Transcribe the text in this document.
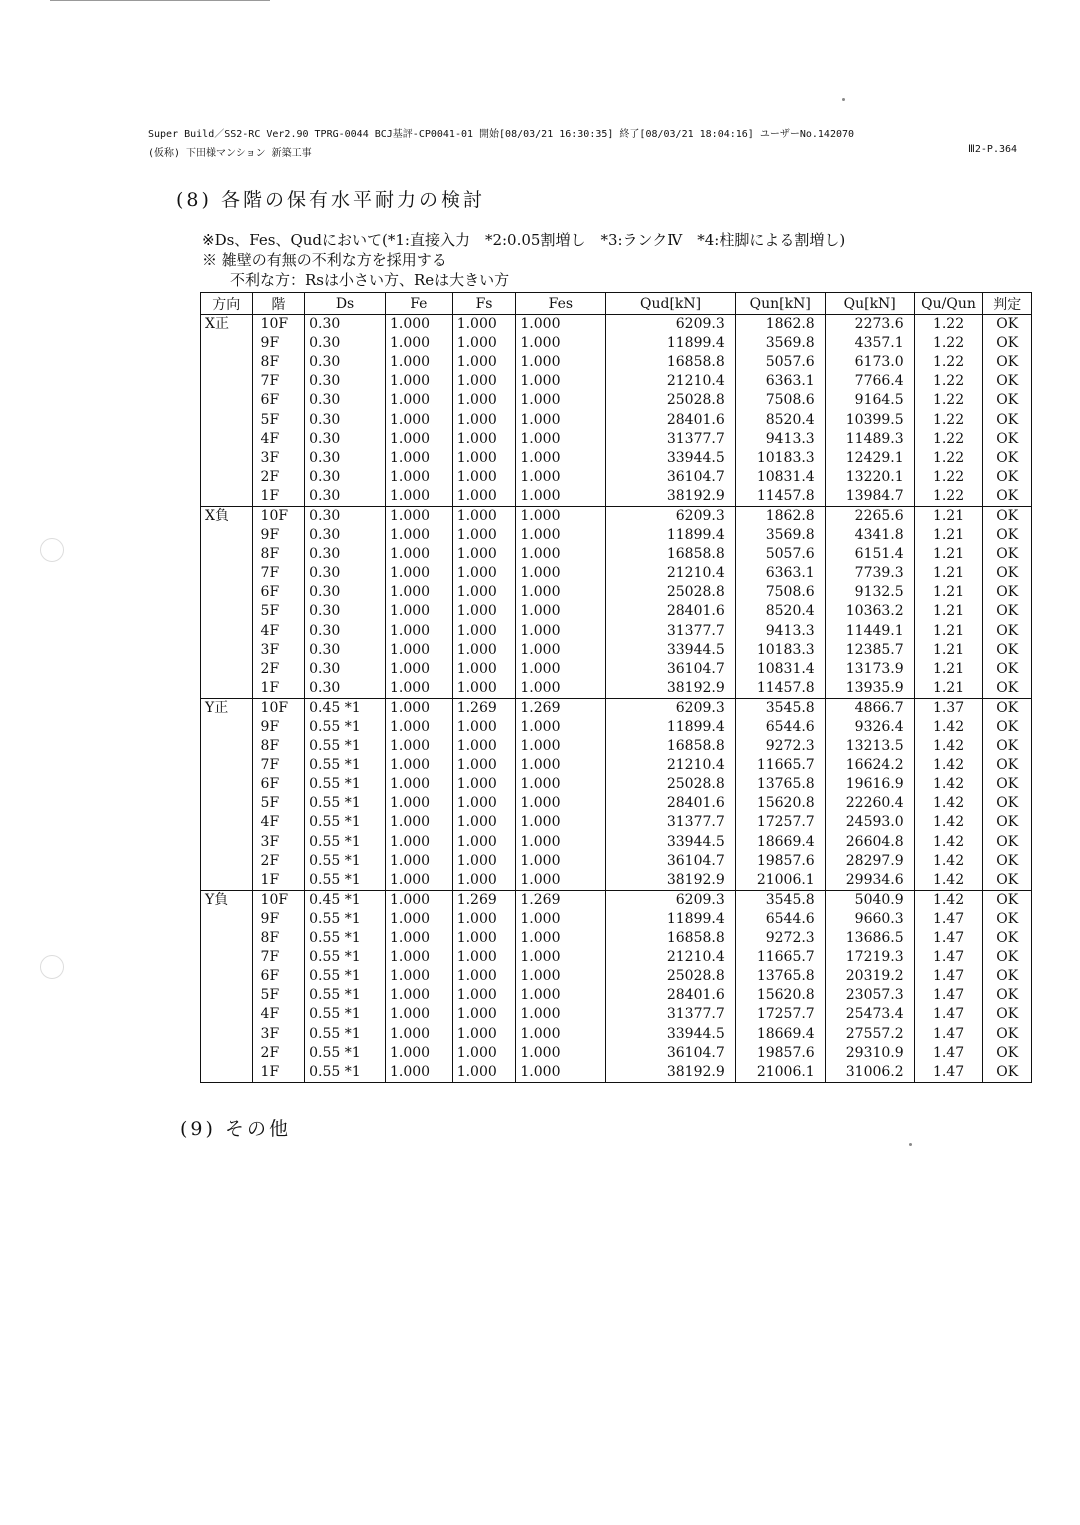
Super Build／SS2-RC Ver2.90 TPRG-0044 BCJ基評-CP0041-01 開始[08/03/21 16:30:35] 終了[08/03/21 18:04:16] ユーザーNo.142070
(仮称) 下田様マンション 新築工事	Ⅲ2-P.364
(8) 各階の保有水平耐力の検討
※Ds、Fes、Qudにおいて(*1:直接入力　*2:0.05割増し　*3:ランクⅣ　*4:柱脚による割増し)
※ 雑壁の有無の不利な方を採用する
不利な方：Rsは小さい方、Reは大きい方
方向	階	Ds	Fe	Fs	Fes	Qud[kN]	Qun[kN]	Qu[kN]	Qu/Qun	判定
X正	10F	0.30	1.000	1.000	1.000	6209.3	1862.8	2273.6	1.22	OK
	9F	0.30	1.000	1.000	1.000	11899.4	3569.8	4357.1	1.22	OK
	8F	0.30	1.000	1.000	1.000	16858.8	5057.6	6173.0	1.22	OK
	7F	0.30	1.000	1.000	1.000	21210.4	6363.1	7766.4	1.22	OK
	6F	0.30	1.000	1.000	1.000	25028.8	7508.6	9164.5	1.22	OK
	5F	0.30	1.000	1.000	1.000	28401.6	8520.4	10399.5	1.22	OK
	4F	0.30	1.000	1.000	1.000	31377.7	9413.3	11489.3	1.22	OK
	3F	0.30	1.000	1.000	1.000	33944.5	10183.3	12429.1	1.22	OK
	2F	0.30	1.000	1.000	1.000	36104.7	10831.4	13220.1	1.22	OK
	1F	0.30	1.000	1.000	1.000	38192.9	11457.8	13984.7	1.22	OK
X負	10F	0.30	1.000	1.000	1.000	6209.3	1862.8	2265.6	1.21	OK
	9F	0.30	1.000	1.000	1.000	11899.4	3569.8	4341.8	1.21	OK
	8F	0.30	1.000	1.000	1.000	16858.8	5057.6	6151.4	1.21	OK
	7F	0.30	1.000	1.000	1.000	21210.4	6363.1	7739.3	1.21	OK
	6F	0.30	1.000	1.000	1.000	25028.8	7508.6	9132.5	1.21	OK
	5F	0.30	1.000	1.000	1.000	28401.6	8520.4	10363.2	1.21	OK
	4F	0.30	1.000	1.000	1.000	31377.7	9413.3	11449.1	1.21	OK
	3F	0.30	1.000	1.000	1.000	33944.5	10183.3	12385.7	1.21	OK
	2F	0.30	1.000	1.000	1.000	36104.7	10831.4	13173.9	1.21	OK
	1F	0.30	1.000	1.000	1.000	38192.9	11457.8	13935.9	1.21	OK
Y正	10F	0.45 *1	1.000	1.269	1.269	6209.3	3545.8	4866.7	1.37	OK
	9F	0.55 *1	1.000	1.000	1.000	11899.4	6544.6	9326.4	1.42	OK
	8F	0.55 *1	1.000	1.000	1.000	16858.8	9272.3	13213.5	1.42	OK
	7F	0.55 *1	1.000	1.000	1.000	21210.4	11665.7	16624.2	1.42	OK
	6F	0.55 *1	1.000	1.000	1.000	25028.8	13765.8	19616.9	1.42	OK
	5F	0.55 *1	1.000	1.000	1.000	28401.6	15620.8	22260.4	1.42	OK
	4F	0.55 *1	1.000	1.000	1.000	31377.7	17257.7	24593.0	1.42	OK
	3F	0.55 *1	1.000	1.000	1.000	33944.5	18669.4	26604.8	1.42	OK
	2F	0.55 *1	1.000	1.000	1.000	36104.7	19857.6	28297.9	1.42	OK
	1F	0.55 *1	1.000	1.000	1.000	38192.9	21006.1	29934.6	1.42	OK
Y負	10F	0.45 *1	1.000	1.269	1.269	6209.3	3545.8	5040.9	1.42	OK
	9F	0.55 *1	1.000	1.000	1.000	11899.4	6544.6	9660.3	1.47	OK
	8F	0.55 *1	1.000	1.000	1.000	16858.8	9272.3	13686.5	1.47	OK
	7F	0.55 *1	1.000	1.000	1.000	21210.4	11665.7	17219.3	1.47	OK
	6F	0.55 *1	1.000	1.000	1.000	25028.8	13765.8	20319.2	1.47	OK
	5F	0.55 *1	1.000	1.000	1.000	28401.6	15620.8	23057.3	1.47	OK
	4F	0.55 *1	1.000	1.000	1.000	31377.7	17257.7	25473.4	1.47	OK
	3F	0.55 *1	1.000	1.000	1.000	33944.5	18669.4	27557.2	1.47	OK
	2F	0.55 *1	1.000	1.000	1.000	36104.7	19857.6	29310.9	1.47	OK
	1F	0.55 *1	1.000	1.000	1.000	38192.9	21006.1	31006.2	1.47	OK
(9) その他
